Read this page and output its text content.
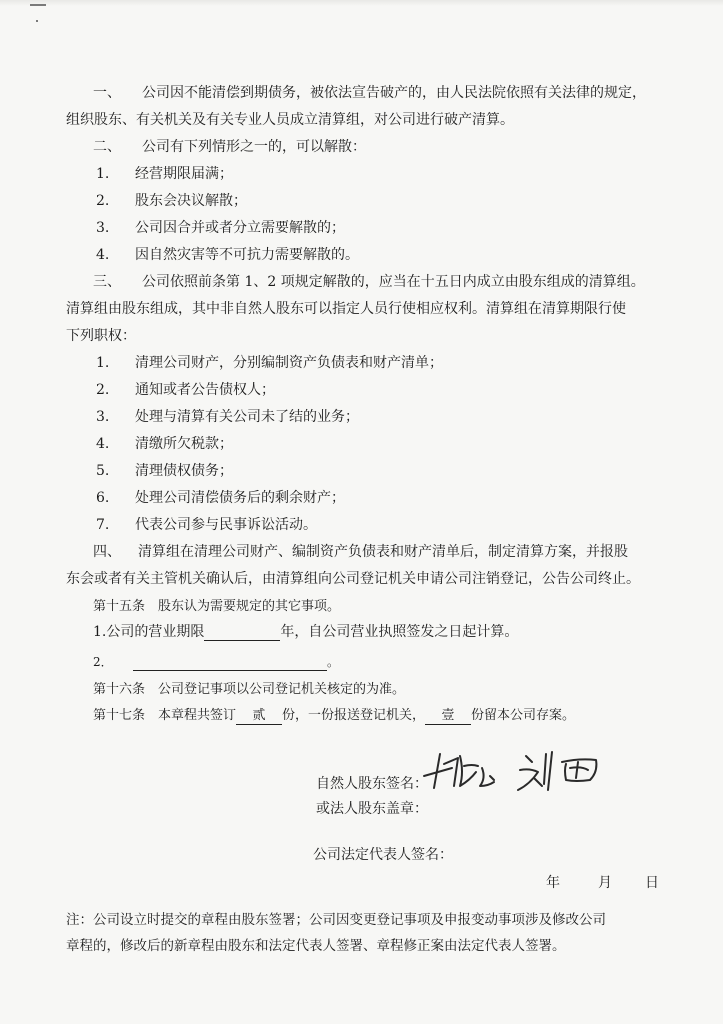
一、 公司因不能清偿到期债务，被依法宣告破产的，由人民法院依照有关法律的规定，
组织股东、有关机关及有关专业人员成立清算组，对公司进行破产清算。
二、 公司有下列情形之一的，可以解散：
1. 经营期限届满；
2. 股东会决议解散；
3. 公司因合并或者分立需要解散的；
4. 因自然灾害等不可抗力需要解散的。
三、 公司依照前条第 1、2 项规定解散的，应当在十五日内成立由股东组成的清算组。
清算组由股东组成，其中非自然人股东可以指定人员行使相应权利。清算组在清算期限行使
下列职权：
1. 清理公司财产，分别编制资产负债表和财产清单；
2. 通知或者公告债权人；
3. 处理与清算有关公司未了结的业务；
4. 清缴所欠税款；
5. 清理债权债务；
6. 处理公司清偿债务后的剩余财产；
7. 代表公司参与民事诉讼活动。
四、 清算组在清理公司财产、编制资产负债表和财产清单后，制定清算方案，并报股
东会或者有关主管机关确认后，由清算组向公司登记机关申请公司注销登记，公告公司终止。
第十五条　股东认为需要规定的其它事项。
1.公司的营业期限	年，自公司营业执照签发之日起计算。
2．	。
第十六条　公司登记事项以公司登记机关核定的为准。
第十七条　本章程共签订 贰 份，一份报送登记机关， 壹 份留本公司存案。
自然人股东签名：
或法人股东盖章：
公司法定代表人签名：
年	月 日
注：公司设立时提交的章程由股东签署；公司因变更登记事项及申报变动事项涉及修改公司
章程的，修改后的新章程由股东和法定代表人签署、章程修正案由法定代表人签署。
